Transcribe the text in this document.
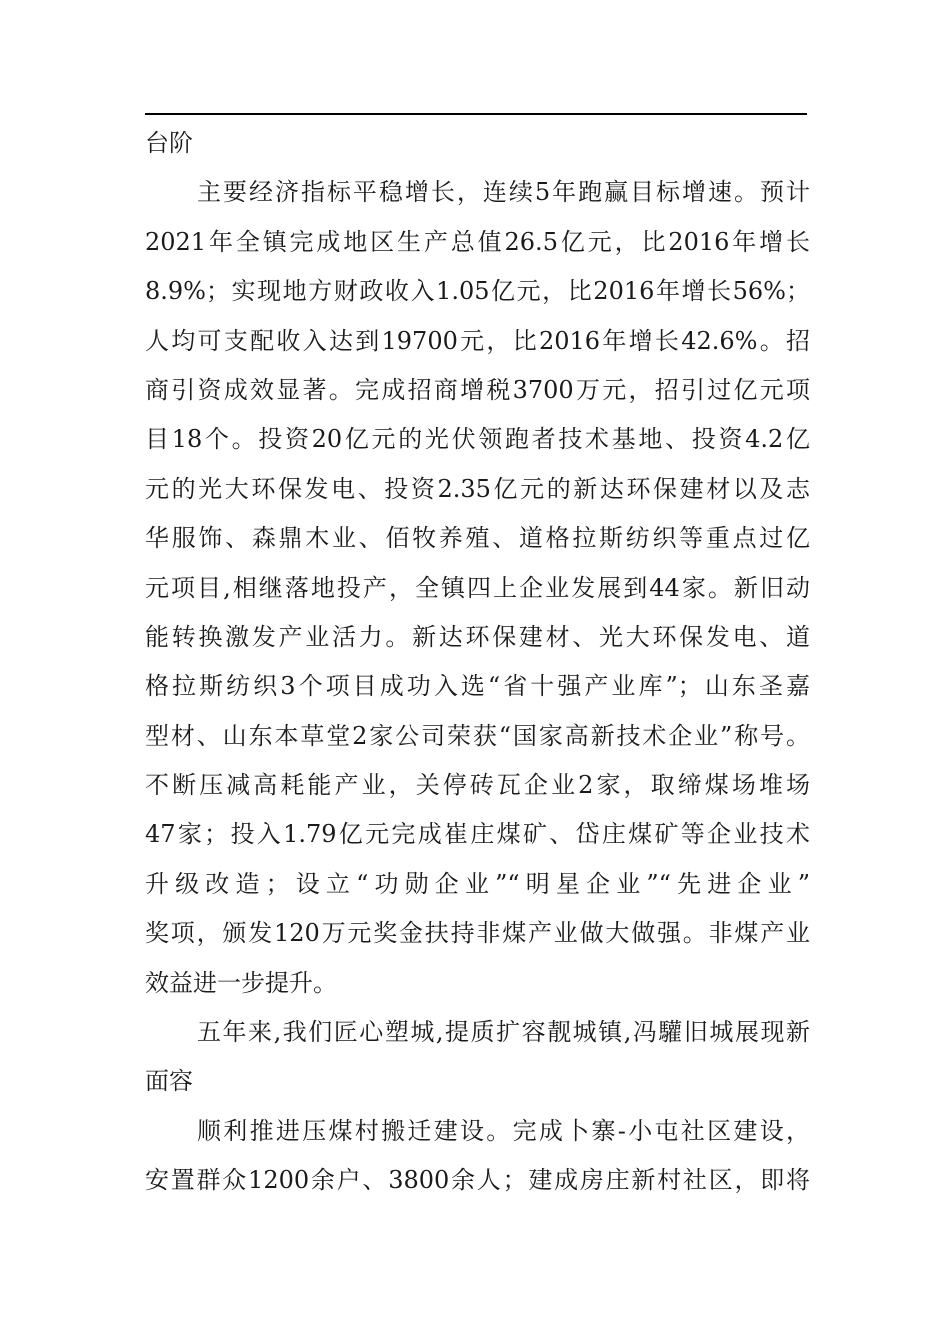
台阶
主要经济指标平稳增长，连续5年跑赢目标增速。预计
2021年全镇完成地区生产总值26.5亿元，比2016年增长
8.9%；实现地方财政收入1.05亿元，比2016年增长56%；
人均可支配收入达到19700元，比2016年增长42.6%。招
商引资成效显著。完成招商增税3700万元，招引过亿元项
目18个。投资20亿元的光伏领跑者技术基地、投资4.2亿
元的光大环保发电、投资2.35亿元的新达环保建材以及志
华服饰、森鼎木业、佰牧养殖、道格拉斯纺织等重点过亿
元项目,相继落地投产，全镇四上企业发展到44家。新旧动
能转换激发产业活力。新达环保建材、光大环保发电、道
格拉斯纺织3个项目成功入选“省十强产业库”；山东圣嘉
型材、山东本草堂2家公司荣获“国家高新技术企业”称号。
不断压减高耗能产业，关停砖瓦企业2家，取缔煤场堆场
47家；投入1.79亿元完成崔庄煤矿、岱庄煤矿等企业技术
升级改造；设立“功勋企业”“明星企业”“先进企业”
奖项，颁发120万元奖金扶持非煤产业做大做强。非煤产业
效益进一步提升。
五年来,我们匠心塑城,提质扩容靓城镇,冯驩旧城展现新
面容
顺利推进压煤村搬迁建设。完成卜寨-小屯社区建设，
安置群众1200余户、3800余人；建成房庄新村社区，即将
